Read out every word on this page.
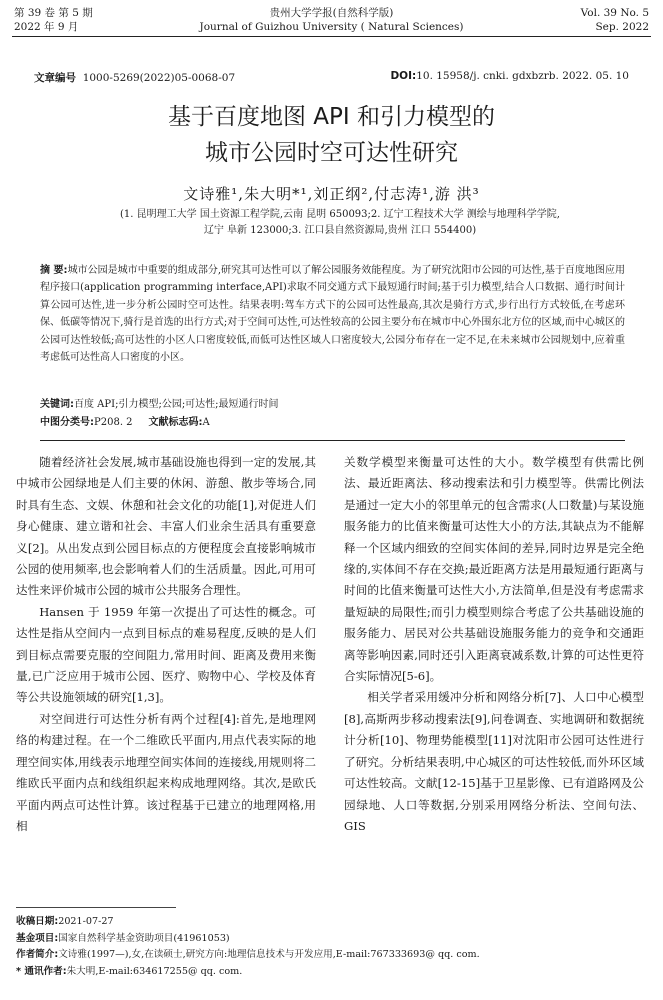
第 39 卷 第 5 期
2022 年 9 月
贵州大学学报(自然科学版)
Journal of Guizhou University ( Natural Sciences)
Vol. 39 No. 5
Sep. 2022
文章编号 1000-5269(2022)05-0068-07	DOI:10. 15958/j. cnki. gdxbzrb. 2022. 05. 10
基于百度地图 API 和引力模型的
城市公园时空可达性研究
文诗雅¹,朱大明*¹,刘正纲²,付志涛¹,游 洪³
(1. 昆明理工大学 国土资源工程学院,云南 昆明 650093;2. 辽宁工程技术大学 测绘与地理科学学院,
辽宁 阜新 123000;3. 江口县自然资源局,贵州 江口 554400)
摘 要:城市公园是城市中重要的组成部分,研究其可达性可以了解公园服务效能程度。为了研究沈阳市公园的可达性,基于百度地图应用程序接口(application programming interface,API)求取不同交通方式下最短通行时间;基于引力模型,结合人口数据、通行时间计算公园可达性,进一步分析公园时空可达性。结果表明:驾车方式下的公园可达性最高,其次是骑行方式,步行出行方式较低,在考虑环保、低碳等情况下,骑行是首选的出行方式;对于空间可达性,可达性较高的公园主要分布在城市中心外围东北方位的区域,而中心城区的公园可达性较低;高可达性的小区人口密度较低,而低可达性区域人口密度较大,公园分布存在一定不足,在未来城市公园规划中,应着重考虑低可达性高人口密度的小区。
关键词:百度 API;引力模型;公园;可达性;最短通行时间
中图分类号:P208. 2 文献标志码:A

随着经济社会发展,城市基础设施也得到一定的发展,其中城市公园绿地是人们主要的休闲、游憩、散步等场合,同时具有生态、文娱、休憩和社会文化的功能[1],对促进人们身心健康、建立谐和社会、丰富人们业余生活具有重要意义[2]。从出发点到公园目标点的方便程度会直接影响城市公园的使用频率,也会影响着人们的生活质量。因此,可用可达性来评价城市公园的城市公共服务合理性。

Hansen 于 1959 年第一次提出了可达性的概念。可达性是指从空间内一点到目标点的难易程度,反映的是人们到目标点需要克服的空间阻力,常用时间、距离及费用来衡量,已广泛应用于城市公园、医疗、购物中心、学校及体育等公共设施领域的研究[1,3]。

对空间进行可达性分析有两个过程[4]:首先,是地理网络的构建过程。在一个二维欧氏平面内,用点代表实际的地理空间实体,用线表示地理空间实体间的连接线,用规则将二维欧氏平面内点和线组织起来构成地理网络。其次,是欧氏平面内两点可达性计算。该过程基于已建立的地理网格,用相

关数学模型来衡量可达性的大小。数学模型有供需比例法、最近距离法、移动搜索法和引力模型等。供需比例法是通过一定大小的邻里单元的包含需求(人口数量)与某设施服务能力的比值来衡量可达性大小的方法,其缺点为不能解释一个区域内细致的空间实体间的差异,同时边界是完全绝缘的,实体间不存在交换;最近距离方法是用最短通行距离与时间的比值来衡量可达性大小,方法简单,但是没有考虑需求量短缺的局限性;而引力模型则综合考虑了公共基础设施的服务能力、居民对公共基础设施服务能力的竞争和交通距离等影响因素,同时还引入距离衰减系数,计算的可达性更符合实际情况[5-6]。

相关学者采用缓冲分析和网络分析[7]、人口中心模型[8],高斯两步移动搜索法[9],问卷调查、实地调研和数据统计分析[10]、物理势能模型[11]对沈阳市公园可达性进行了研究。分析结果表明,中心城区的可达性较低,而外环区域可达性较高。文献[12-15]基于卫星影像、已有道路网及公园绿地、人口等数据,分别采用网络分析法、空间句法、GIS

收稿日期:2021-07-27
基金项目:国家自然科学基金资助项目(41961053)
作者简介:文诗雅(1997—),女,在读硕士,研究方向:地理信息技术与开发应用,E-mail:767333693@ qq. com.
* 通讯作者:朱大明,E-mail:634617255@ qq. com.
